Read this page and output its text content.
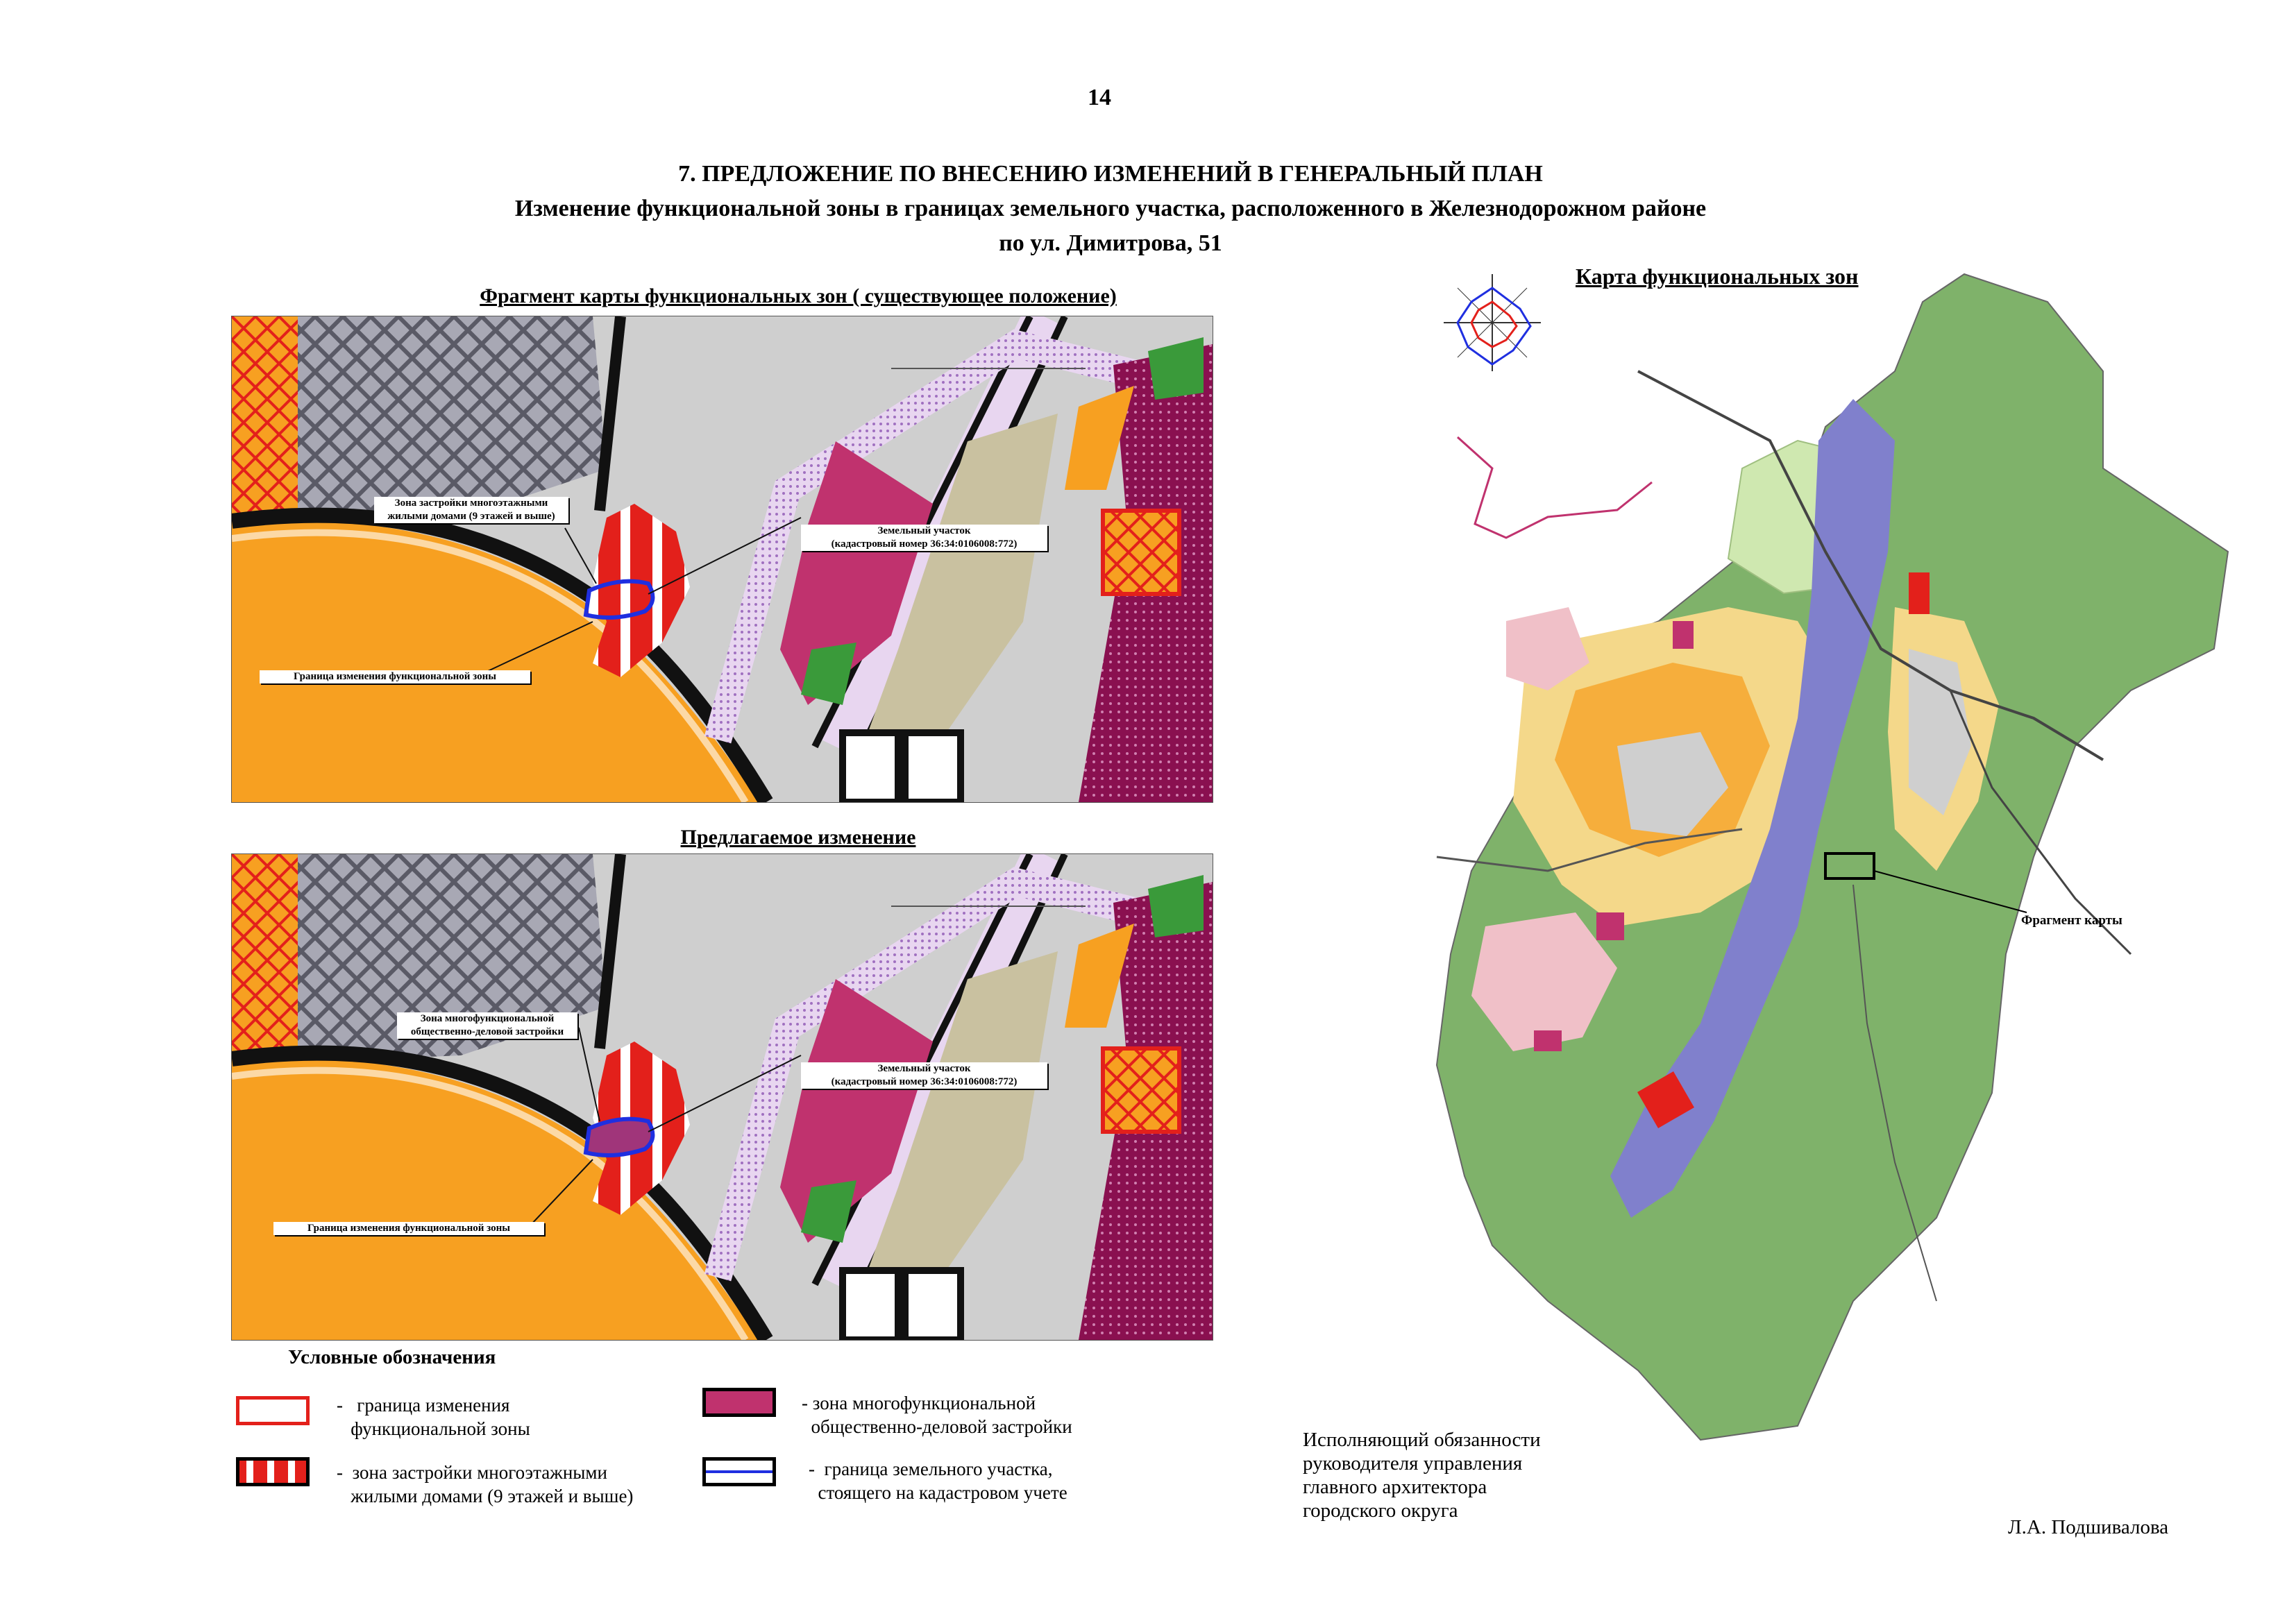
14
7. ПРЕДЛОЖЕНИЕ ПО ВНЕСЕНИЮ ИЗМЕНЕНИЙ В ГЕНЕРАЛЬНЫЙ ПЛАН
Изменение функциональной зоны в границах земельного участка, расположенного в Железнодорожном районе
по ул. Димитрова, 51
Фрагмент карты функциональных зон ( существующее положение)
Зона застройки многоэтажными
жилыми домами (9 этажей и выше)
Земельный участок
(кадастровый номер 36:34:0106008:772)
Граница изменения функциональной зоны
Предлагаемое изменение
Зона многофункциональной
общественно-деловой застройки
Земельный участок
(кадастровый номер 36:34:0106008:772)
Граница изменения функциональной зоны
Условные обозначения
- граница изменения
функциональной зоны
- зона застройки многоэтажными
жилыми домами (9 этажей и выше)
- зона многофункциональной
общественно-деловой застройки
- граница земельного участка,
стоящего на кадастровом учете
Карта функциональных зон
Фрагмент карты
Исполняющий обязанности
руководителя управления
главного архитектора
городского округа
Л.А. Подшивалова
